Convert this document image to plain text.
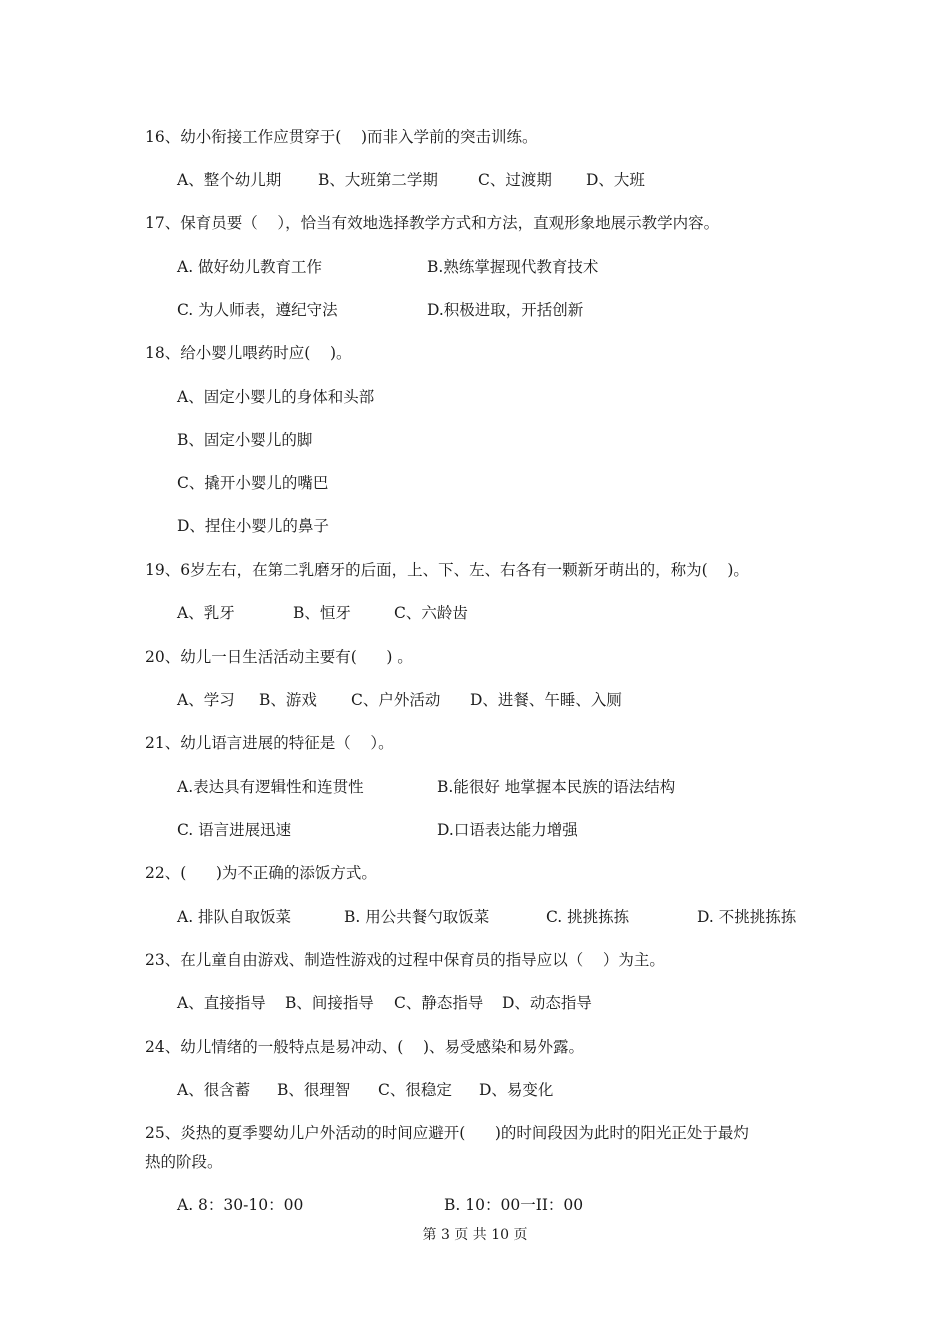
16、幼小衔接工作应贯穿于(    )而非入学前的突击训练。
A、整个幼儿期 B、大班第二学期	C、过渡期 D、大班
17、保育员要（    ），恰当有效地选择教学方式和方法，直观形象地展示教学内容。
A. 做好幼儿教育工作	B.熟练掌握现代教育技术
C. 为人师表，遵纪守法	D.积极进取，开括创新
18、给小婴儿喂药时应(    )。
A、固定小婴儿的身体和头部
B、固定小婴儿的脚
C、撬开小婴儿的嘴巴
D、捏住小婴儿的鼻子
19、6岁左右，在第二乳磨牙的后面，上、下、左、右各有一颗新牙萌出的，称为(    )。
A、乳牙	B、恒牙	C、六龄齿
20、幼儿一日生活活动主要有(      ) 。
A、学习 B、游戏 C、户外活动 D、进餐、午睡、入厕
21、幼儿语言进展的特征是（    ）。
A.表达具有逻辑性和连贯性	B.能很好 地掌握本民族的语法结构
C. 语言进展迅速	D.口语表达能力增强
22、(      )为不正确的添饭方式。
A. 排队自取饭菜	B. 用公共餐勺取饭菜	C. 挑挑拣拣	D. 不挑挑拣拣
23、在儿童自由游戏、制造性游戏的过程中保育员的指导应以（    ）为主。
A、直接指导 B、间接指导 C、静态指导 D、动态指导
24、幼儿情绪的一般特点是易冲动、(    )、易受感染和易外露。
A、很含蓄 B、很理智 C、很稳定 D、易变化
25、炎热的夏季婴幼儿户外活动的时间应避开(      )的时间段因为此时的阳光正处于最灼
热的阶段。
A. 8：30-10：00	B. 10：00一II：00
第 3 页 共 10 页
